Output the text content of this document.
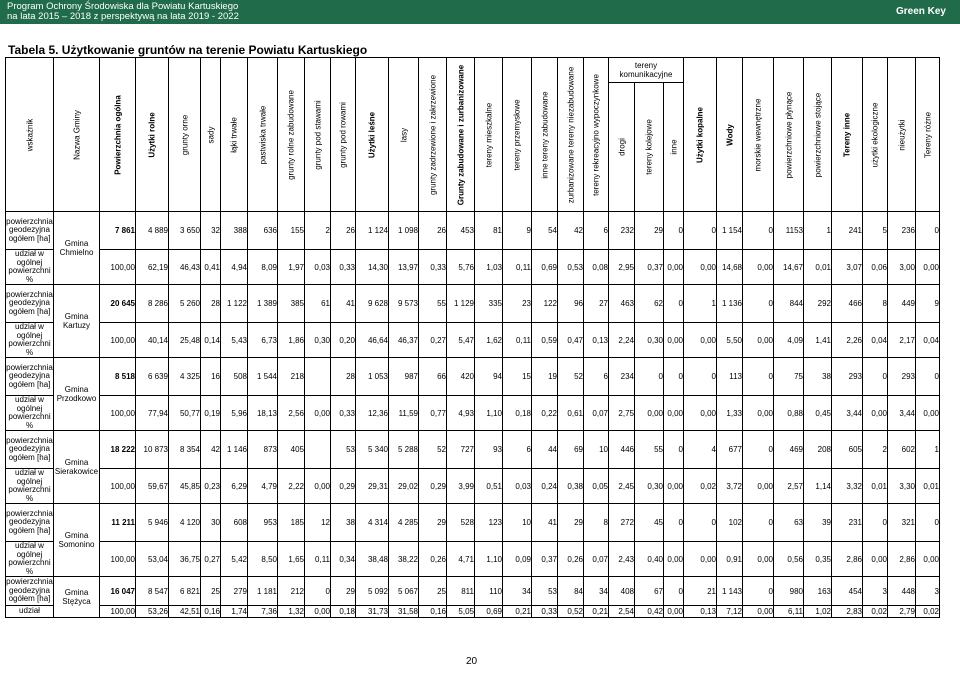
Program Ochrony Środowiska dla Powiatu Kartuskiego
na lata 2015 – 2018 z perspektywą na lata 2019 - 2022	Green Key
Tabela 5. Użytkowanie gruntów na terenie Powiatu Kartuskiego
wskaźnik	Nazwa Gminy	Powierzchnia ogólna	Użytki rolne	grunty orne	sady	łąki trwałe	pastwiska trwałe	grunty rolne zabudowane	grunty pod stawami	grunty pod rowami	Użytki leśne	lasy	grunty zadrzewione i zakrzewione	Grunty zabudowane i zurbanizowane	tereny mieszkalne	tereny przemysłowe	inne tereny zabudowane	zurbanizowane tereny niezabudowane	tereny rekreacyjno wypoczynkowe	tereny komunikacyjne			Użytki kopalne	Wody	morskie wewnętrzne	powierzchniowe płynące	powierzchniowe stojące	Tereny inne	użytki ekologiczne	nieużytki	Tereny różne

																				drogi	tereny kolejowe	inne									

powierzchnia geodezyjna ogółem [ha]	Gmina Chmielno	7 861	4 889	3 650	32	388	636	155	2	26	1 124	1 098	26	453	81	9	54	42	6	232	29	0	0	1 154	0	1153	1	241	5	236	0
udział w ogólnej powierzchni %		100,00	62,19	46,43	0,41	4,94	8,09	1,97	0,03	0,33	14,30	13,97	0,33	5,76	1,03	0,11	0,69	0,53	0,08	2,95	0,37	0,00	0,00	14,68	0,00	14,67	0,01	3,07	0,06	3,00	0,00
powierzchnia geodezyjna ogółem [ha]	Gmina Kartuzy	20 645	8 286	5 260	28	1 122	1 389	385	61	41	9 628	9 573	55	1 129	335	23	122	96	27	463	62	0	1	1 136	0	844	292	466	8	449	9
udział w ogólnej powierzchni %		100,00	40,14	25,48	0,14	5,43	6,73	1,86	0,30	0,20	46,64	46,37	0,27	5,47	1,62	0,11	0,59	0,47	0,13	2,24	0,30	0,00	0,00	5,50	0,00	4,09	1,41	2,26	0,04	2,17	0,04
powierzchnia geodezyjna ogółem [ha]	Gmina Przodkowo	8 518	6 639	4 325	16	508	1 544	218		28	1 053	987	66	420	94	15	19	52	6	234	0	0	0	113	0	75	38	293	0	293	0
udział w ogólnej powierzchni %		100,00	77,94	50,77	0,19	5,96	18,13	2,56	0,00	0,33	12,36	11,59	0,77	4,93	1,10	0,18	0,22	0,61	0,07	2,75	0,00	0,00	0,00	1,33	0,00	0,88	0,45	3,44	0,00	3,44	0,00
powierzchnia geodezyjna ogółem [ha]	Gmina Sierakowice	18 222	10 873	8 354	42	1 146	873	405		53	5 340	5 288	52	727	93	6	44	69	10	446	55	0	4	677	0	469	208	605	2	602	1
udział w ogólnej powierzchni %		100,00	59,67	45,85	0,23	6,29	4,79	2,22	0,00	0,29	29,31	29,02	0,29	3,99	0,51	0,03	0,24	0,38	0,05	2,45	0,30	0,00	0,02	3,72	0,00	2,57	1,14	3,32	0,01	3,30	0,01
powierzchnia geodezyjna ogółem [ha]	Gmina Somonino	11 211	5 946	4 120	30	608	953	185	12	38	4 314	4 285	29	528	123	10	41	29	8	272	45	0	0	102	0	63	39	231	0	321	0
udział w ogólnej powierzchni %		100,00	53,04	36,75	0,27	5,42	8,50	1,65	0,11	0,34	38,48	38,22	0,26	4,71	1,10	0,09	0,37	0,26	0,07	2,43	0,40	0,00	0,00	0,91	0,00	0,56	0,35	2,86	0,00	2,86	0,00
powierzchnia geodezyjna ogółem [ha]	Gmina Stężyca	16 047	8 547	6 821	25	279	1 181	212	0	29	5 092	5 067	25	811	110	34	53	84	34	408	67	0	21	1 143	0	980	163	454	3	448	3
udział		100,00	53,26	42,51	0,16	1,74	7,36	1,32	0,00	0,18	31,73	31,58	0,16	5,05	0,69	0,21	0,33	0,52	0,21	2,54	0,42	0,00	0,13	7,12	0,00	6,11	1,02	2,83	0,02	2,79	0,02
20
